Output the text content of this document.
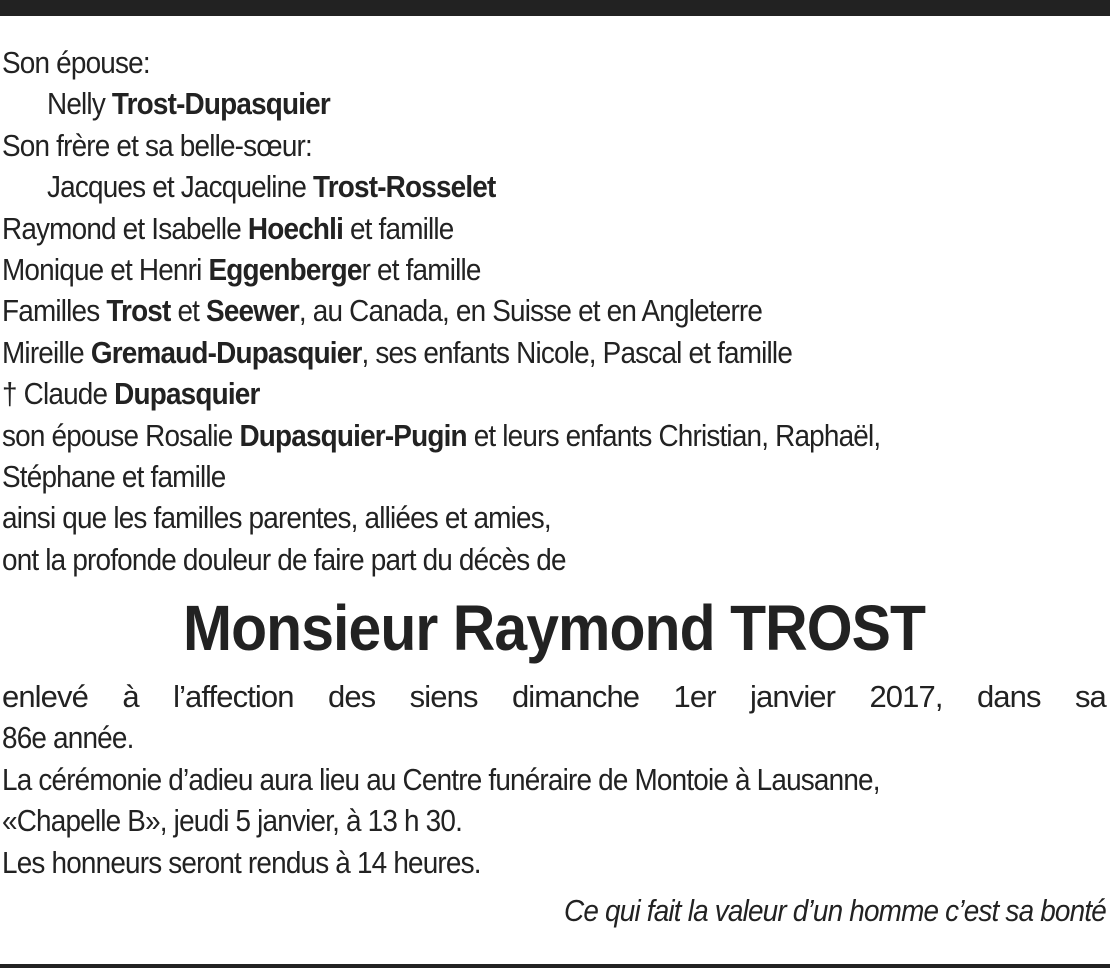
Son épouse:
Nelly Trost-Dupasquier
Son frère et sa belle-sœur:
Jacques et Jacqueline Trost-Rosselet
Raymond et Isabelle Hoechli et famille
Monique et Henri Eggenberger et famille
Familles Trost et Seewer, au Canada, en Suisse et en Angleterre
Mireille Gremaud-Dupasquier, ses enfants Nicole, Pascal et famille
† Claude Dupasquier
son épouse Rosalie Dupasquier-Pugin et leurs enfants Christian, Raphaël,
Stéphane et famille
ainsi que les familles parentes, alliées et amies,
ont la profonde douleur de faire part du décès de
Monsieur Raymond TROST
enlevé à l’affection des siens dimanche 1er janvier 2017, dans sa
86e année.
La cérémonie d’adieu aura lieu au Centre funéraire de Montoie à Lausanne,
«Chapelle B», jeudi 5 janvier, à 13 h 30.
Les honneurs seront rendus à 14 heures.
Ce qui fait la valeur d’un homme c’est sa bonté
